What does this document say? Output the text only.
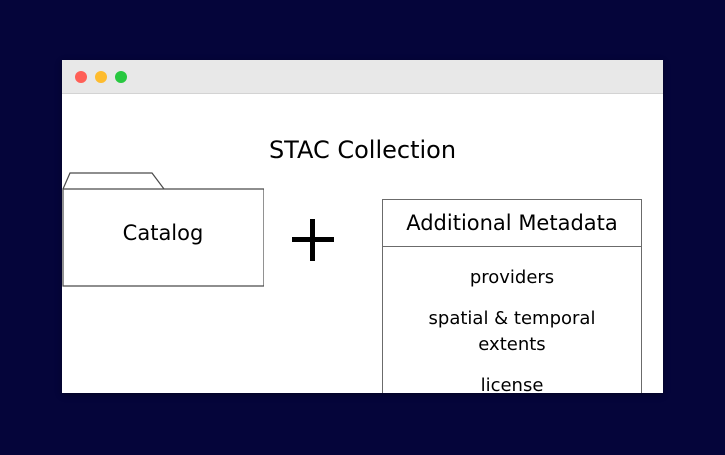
STAC Collection
Catalog	Additional Metadata
providers
spatial & temporal extents
license
